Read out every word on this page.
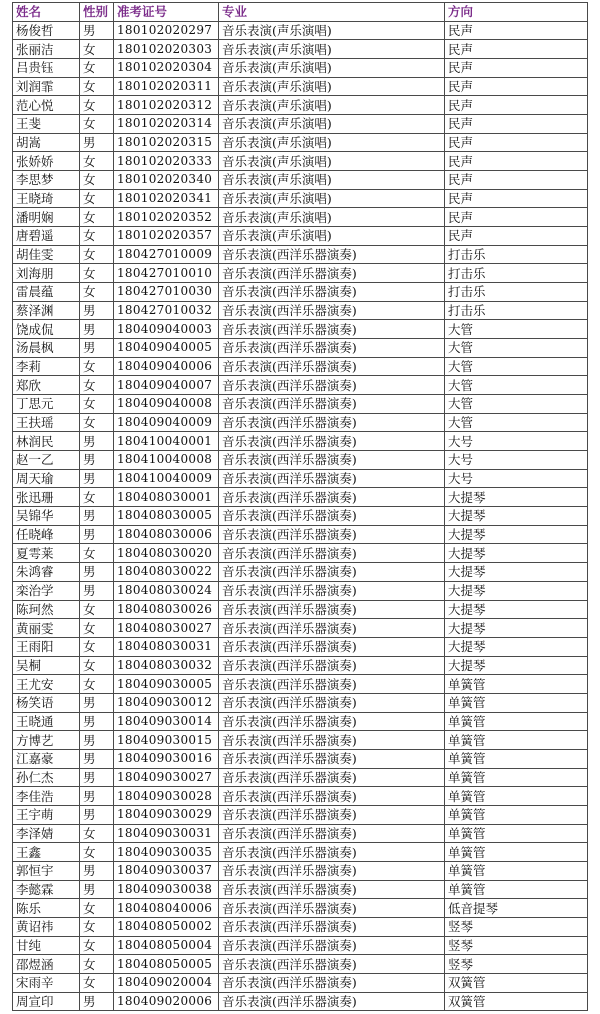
姓名	性别	准考证号	专业	方向
杨俊哲	男	180102020297	音乐表演(声乐演唱)	民声
张丽洁	女	180102020303	音乐表演(声乐演唱)	民声
吕贵钰	女	180102020304	音乐表演(声乐演唱)	民声
刘润霏	女	180102020311	音乐表演(声乐演唱)	民声
范心悦	女	180102020312	音乐表演(声乐演唱)	民声
王斐	女	180102020314	音乐表演(声乐演唱)	民声
胡嵩	男	180102020315	音乐表演(声乐演唱)	民声
张娇娇	女	180102020333	音乐表演(声乐演唱)	民声
李思梦	女	180102020340	音乐表演(声乐演唱)	民声
王晓琦	女	180102020341	音乐表演(声乐演唱)	民声
潘明娴	女	180102020352	音乐表演(声乐演唱)	民声
唐碧遥	女	180102020357	音乐表演(声乐演唱)	民声
胡佳雯	女	180427010009	音乐表演(西洋乐器演奏)	打击乐
刘海朋	女	180427010010	音乐表演(西洋乐器演奏)	打击乐
雷晨蕴	女	180427010030	音乐表演(西洋乐器演奏)	打击乐
蔡泽渊	男	180427010032	音乐表演(西洋乐器演奏)	打击乐
饶成侃	男	180409040003	音乐表演(西洋乐器演奏)	大管
汤晨枫	男	180409040005	音乐表演(西洋乐器演奏)	大管
李莉	女	180409040006	音乐表演(西洋乐器演奏)	大管
郑欣	女	180409040007	音乐表演(西洋乐器演奏)	大管
丁思元	女	180409040008	音乐表演(西洋乐器演奏)	大管
王扶瑶	女	180409040009	音乐表演(西洋乐器演奏)	大管
林润民	男	180410040001	音乐表演(西洋乐器演奏)	大号
赵一乙	男	180410040008	音乐表演(西洋乐器演奏)	大号
周天瑜	男	180410040009	音乐表演(西洋乐器演奏)	大号
张迅珊	女	180408030001	音乐表演(西洋乐器演奏)	大提琴
吴锦华	男	180408030005	音乐表演(西洋乐器演奏)	大提琴
任晓峰	男	180408030006	音乐表演(西洋乐器演奏)	大提琴
夏雩莱	女	180408030020	音乐表演(西洋乐器演奏)	大提琴
朱鸿睿	男	180408030022	音乐表演(西洋乐器演奏)	大提琴
栾治学	男	180408030024	音乐表演(西洋乐器演奏)	大提琴
陈珂然	女	180408030026	音乐表演(西洋乐器演奏)	大提琴
黄丽雯	女	180408030027	音乐表演(西洋乐器演奏)	大提琴
王雨阳	女	180408030031	音乐表演(西洋乐器演奏)	大提琴
吴桐	女	180408030032	音乐表演(西洋乐器演奏)	大提琴
王尤安	女	180409030005	音乐表演(西洋乐器演奏)	单簧管
杨笑语	男	180409030012	音乐表演(西洋乐器演奏)	单簧管
王晓通	男	180409030014	音乐表演(西洋乐器演奏)	单簧管
方博艺	男	180409030015	音乐表演(西洋乐器演奏)	单簧管
江嘉豪	男	180409030016	音乐表演(西洋乐器演奏)	单簧管
孙仁杰	男	180409030027	音乐表演(西洋乐器演奏)	单簧管
李佳浩	男	180409030028	音乐表演(西洋乐器演奏)	单簧管
王宇萌	男	180409030029	音乐表演(西洋乐器演奏)	单簧管
李泽婧	女	180409030031	音乐表演(西洋乐器演奏)	单簧管
王鑫	女	180409030035	音乐表演(西洋乐器演奏)	单簧管
郭恒宇	男	180409030037	音乐表演(西洋乐器演奏)	单簧管
李懿霖	男	180409030038	音乐表演(西洋乐器演奏)	单簧管
陈乐	女	180408040006	音乐表演(西洋乐器演奏)	低音提琴
黄诏祎	女	180408050002	音乐表演(西洋乐器演奏)	竖琴
甘纯	女	180408050004	音乐表演(西洋乐器演奏)	竖琴
邵煜涵	女	180408050005	音乐表演(西洋乐器演奏)	竖琴
宋雨辛	女	180409020004	音乐表演(西洋乐器演奏)	双簧管
周宣印	男	180409020006	音乐表演(西洋乐器演奏)	双簧管
